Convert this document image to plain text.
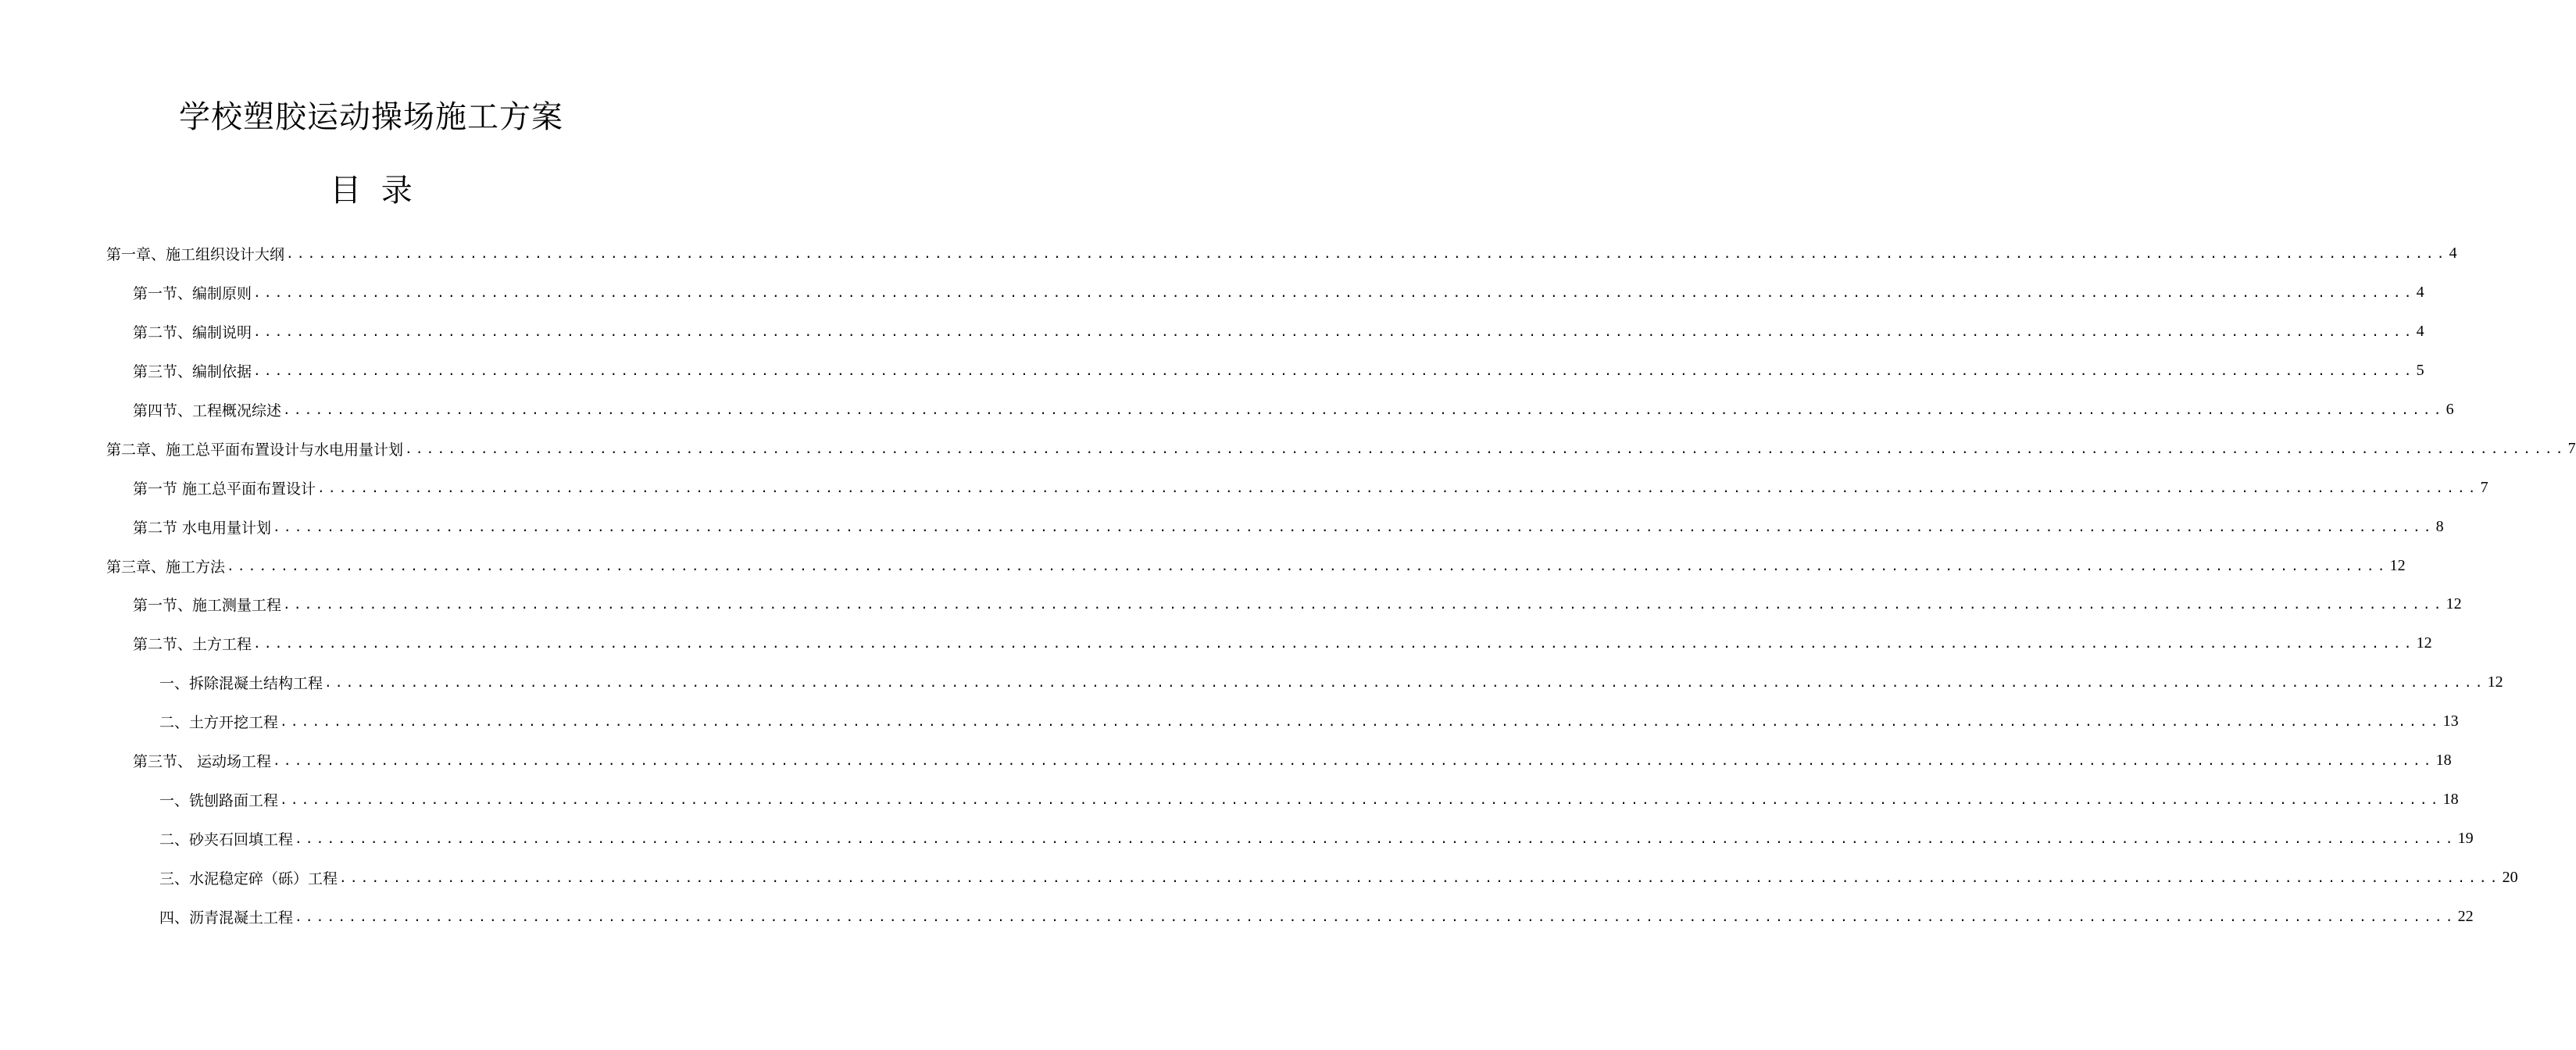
学校塑胶运动操场施工方案
目  录
第一章、施工组织设计大纲 ........................................................................................................................................................................................................ 4
第一节、编制原则 ........................................................................................................................................................................................................ 4
第二节、编制说明 ........................................................................................................................................................................................................ 4
第三节、编制依据 ........................................................................................................................................................................................................ 5
第四节、工程概况综述 ........................................................................................................................................................................................................ 6
第二章、施工总平面布置设计与水电用量计划 ........................................................................................................................................................................................................ 7
第一节 施工总平面布置设计 ........................................................................................................................................................................................................ 7
第二节 水电用量计划 ........................................................................................................................................................................................................ 8
第三章、施工方法 ........................................................................................................................................................................................................ 12
第一节、施工测量工程 ........................................................................................................................................................................................................ 12
第二节、土方工程 ........................................................................................................................................................................................................ 12
一、拆除混凝土结构工程 ........................................................................................................................................................................................................ 12
二、土方开挖工程 ........................................................................................................................................................................................................ 13
第三节、 运动场工程 ........................................................................................................................................................................................................ 18
一、铣刨路面工程 ........................................................................................................................................................................................................ 18
二、砂夹石回填工程 ........................................................................................................................................................................................................ 19
三、水泥稳定碎（砾）工程 ........................................................................................................................................................................................................ 20
四、沥青混凝土工程 ........................................................................................................................................................................................................ 22
